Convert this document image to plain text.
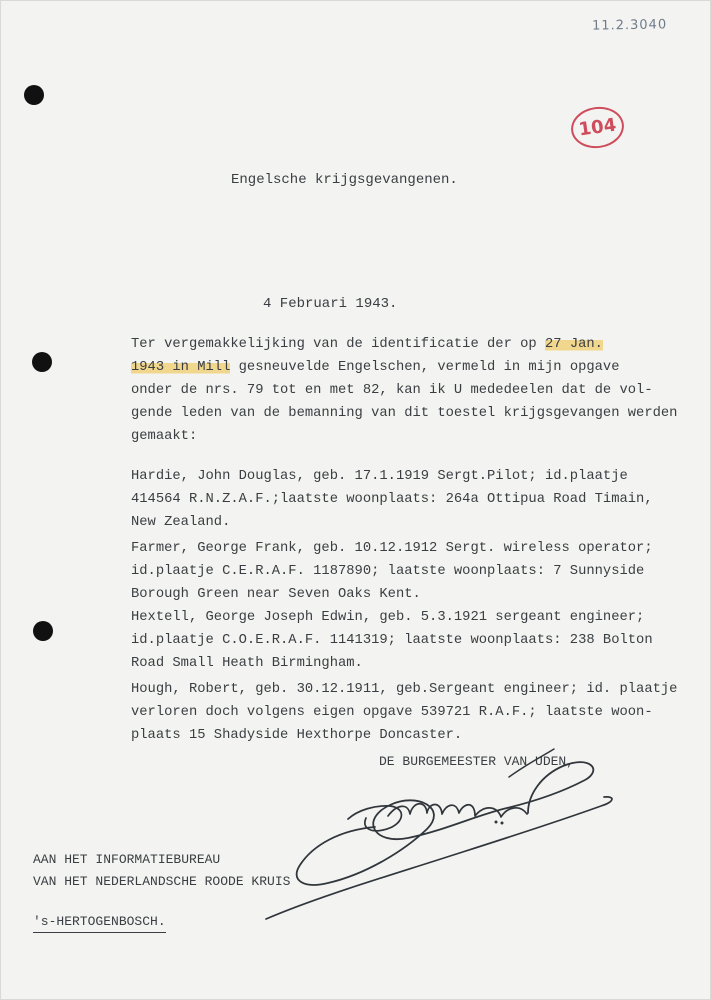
11.2.3040
104
Engelsche krijgsgevangenen.
4 Februari 1943.
Ter vergemakkelijking van de identificatie der op 27 Jan.
1943 in Mill gesneuvelde Engelschen, vermeld in mijn opgave
onder de nrs. 79 tot en met 82, kan ik U mededeelen dat de vol-
gende leden van de bemanning van dit toestel krijgsgevangen werden
gemaakt:
Hardie, John Douglas, geb. 17.1.1919 Sergt.Pilot; id.plaatje
414564 R.N.Z.A.F.;laatste woonplaats: 264a Ottipua Road Timain,
New Zealand.
Farmer, George Frank, geb. 10.12.1912 Sergt. wireless operator;
id.plaatje C.E.R.A.F. 1187890; laatste woonplaats: 7 Sunnyside
Borough Green near Seven Oaks Kent.
Hextell, George Joseph Edwin, geb. 5.3.1921 sergeant engineer;
id.plaatje C.O.E.R.A.F. 1141319; laatste woonplaats: 238 Bolton
Road Small Heath Birmingham.
Hough, Robert, geb. 30.12.1911, geb.Sergeant engineer; id. plaatje
verloren doch volgens eigen opgave 539721 R.A.F.; laatste woon-
plaats 15 Shadyside Hexthorpe Doncaster.
DE BURGEMEESTER VAN UDEN,
AAN HET INFORMATIEBUREAU
VAN HET NEDERLANDSCHE ROODE KRUIS
's-HERTOGENBOSCH.
